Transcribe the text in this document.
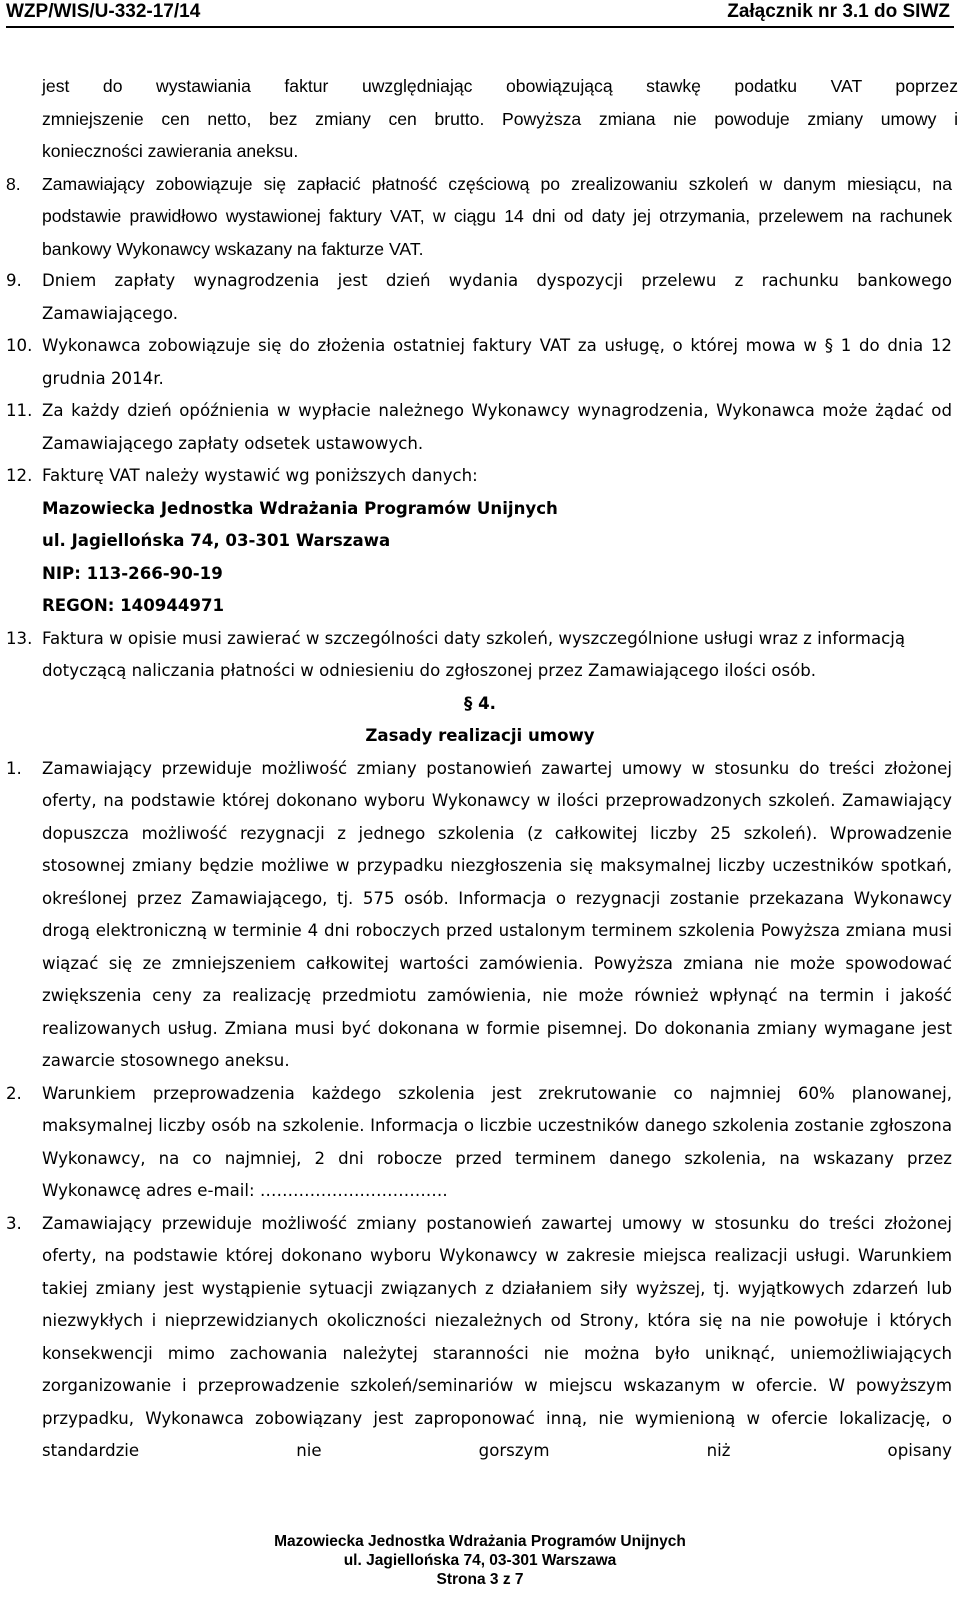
WZP/WIS/U-332-17/14	Załącznik nr 3.1 do SIWZ
jest do wystawiania faktur uwzględniając obowiązującą stawkę podatku VAT poprzez
zmniejszenie cen netto, bez zmiany cen brutto. Powyższa zmiana nie powoduje zmiany umowy i
konieczności zawierania aneksu.
8.	Zamawiający zobowiązuje się zapłacić płatność częściową po zrealizowaniu szkoleń w danym miesiącu, na podstawie prawidłowo wystawionej faktury VAT, w ciągu 14 dni od daty jej otrzymania, przelewem na rachunek bankowy Wykonawcy wskazany na fakturze VAT.
9.	Dniem zapłaty wynagrodzenia jest dzień wydania dyspozycji przelewu z rachunku bankowego Zamawiającego.
10. Wykonawca zobowiązuje się do złożenia ostatniej faktury VAT za usługę, o której mowa w § 1 do dnia 12 grudnia 2014r.
11. Za każdy dzień opóźnienia w wypłacie należnego Wykonawcy wynagrodzenia, Wykonawca może żądać od Zamawiającego zapłaty odsetek ustawowych.
12. Fakturę VAT należy wystawić wg poniższych danych:
Mazowiecka Jednostka Wdrażania Programów Unijnych
ul. Jagiellońska 74, 03-301 Warszawa
NIP: 113-266-90-19
REGON: 140944971
13. Faktura w opisie musi zawierać w szczególności daty szkoleń, wyszczególnione usługi wraz z informacją dotyczącą naliczania płatności w odniesieniu do zgłoszonej przez Zamawiającego ilości osób.
§ 4.
Zasady realizacji umowy
1.	Zamawiający przewiduje możliwość zmiany postanowień zawartej umowy w stosunku do treści złożonej oferty, na podstawie której dokonano wyboru Wykonawcy w ilości przeprowadzonych szkoleń. Zamawiający dopuszcza możliwość rezygnacji z jednego szkolenia (z całkowitej liczby 25 szkoleń). Wprowadzenie stosownej zmiany będzie możliwe w przypadku niezgłoszenia się maksymalnej liczby uczestników spotkań, określonej przez Zamawiającego, tj. 575 osób. Informacja o rezygnacji zostanie przekazana Wykonawcy drogą elektroniczną w terminie 4 dni roboczych przed ustalonym terminem szkolenia Powyższa zmiana musi wiązać się ze zmniejszeniem całkowitej wartości zamówienia. Powyższa zmiana nie może spowodować zwiększenia ceny za realizację przedmiotu zamówienia, nie może również wpłynąć na termin i jakość realizowanych usług. Zmiana musi być dokonana w formie pisemnej. Do dokonania zmiany wymagane jest zawarcie stosownego aneksu.
2.	Warunkiem przeprowadzenia każdego szkolenia jest zrekrutowanie co najmniej 60% planowanej, maksymalnej liczby osób na szkolenie. Informacja o liczbie uczestników danego szkolenia zostanie zgłoszona Wykonawcy, na co najmniej, 2 dni robocze przed terminem danego szkolenia, na wskazany przez Wykonawcę adres e-mail: …………………………….
3.	Zamawiający przewiduje możliwość zmiany postanowień zawartej umowy w stosunku do treści złożonej oferty, na podstawie której dokonano wyboru Wykonawcy w zakresie miejsca realizacji usługi. Warunkiem takiej zmiany jest wystąpienie sytuacji związanych z działaniem siły wyższej, tj. wyjątkowych zdarzeń lub niezwykłych i nieprzewidzianych okoliczności niezależnych od Strony, która się na nie powołuje i których konsekwencji mimo zachowania należytej staranności nie można było uniknąć, uniemożliwiających zorganizowanie i przeprowadzenie szkoleń/seminariów w miejscu wskazanym w ofercie. W powyższym przypadku, Wykonawca zobowiązany jest zaproponować inną, nie wymienioną w ofercie lokalizację, o standardzie nie gorszym niż opisany
Mazowiecka Jednostka Wdrażania Programów Unijnych
ul. Jagiellońska 74, 03-301 Warszawa
Strona 3 z 7
